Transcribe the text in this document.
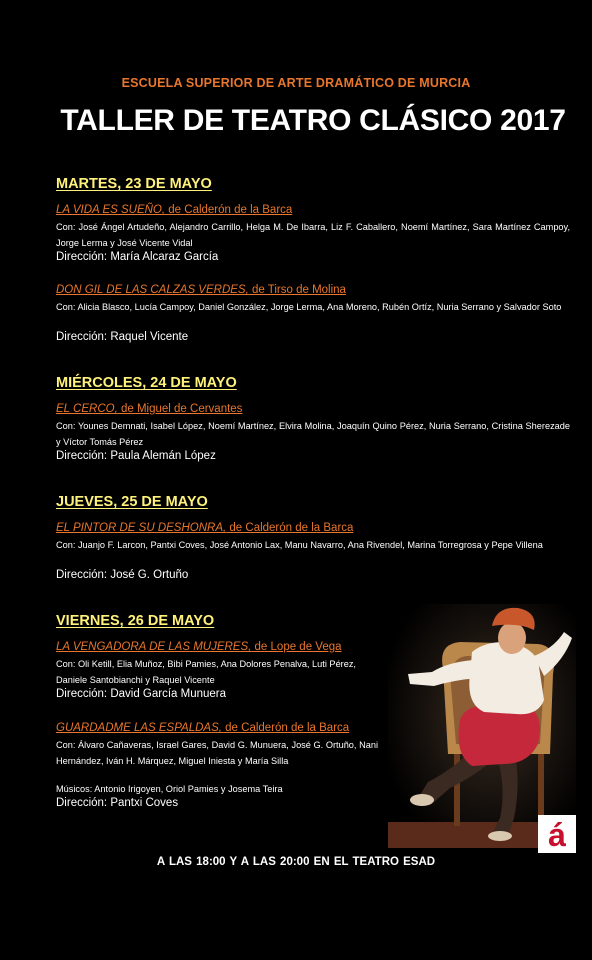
ESCUELA SUPERIOR DE ARTE DRAMÁTICO DE MURCIA
TALLER DE TEATRO CLÁSICO 2017
MARTES, 23 DE MAYO
LA VIDA ES SUEÑO, de Calderón de la Barca
Con: José Ángel Artudeño, Alejandro Carrillo, Helga M. De Ibarra, Liz F. Caballero, Noemí Martínez, Sara Martínez Campoy, Jorge Lerma y José Vicente Vidal
Dirección: María Alcaraz García
DON GIL DE LAS CALZAS VERDES, de Tirso de Molina
Con: Alicia Blasco, Lucía Campoy, Daniel González, Jorge Lerma, Ana Moreno, Rubén Ortíz, Nuria Serrano y Salvador Soto
Dirección: Raquel Vicente
MIÉRCOLES, 24 DE MAYO
EL CERCO, de Miguel de Cervantes
Con: Younes Demnati, Isabel López, Noemí Martínez, Elvira Molina, Joaquín Quino Pérez, Nuria Serrano, Cristina Sherezade y Víctor Tomás Pérez
Dirección: Paula Alemán López
JUEVES, 25 DE MAYO
EL PINTOR DE SU DESHONRA, de Calderón de la Barca
Con: Juanjo F. Larcon, Pantxi Coves, José Antonio Lax, Manu Navarro, Ana Rivendel, Marina Torregrosa y Pepe Villena
Dirección: José G. Ortuño
VIERNES, 26 DE MAYO
LA VENGADORA DE LAS MUJERES, de Lope de Vega
Con: Oli Ketill, Elia Muñoz, Bibi Pamies, Ana Dolores Penalva, Luti Pérez, Daniele Santobianchi y Raquel Vicente
Dirección: David García Munuera
GUARDADME LAS ESPALDAS, de Calderón de la Barca
Con: Álvaro Cañaveras, Israel Gares, David G. Munuera, José G. Ortuño, Nani Hernández, Iván H. Márquez, Miguel Iniesta y María Silla
Músicos: Antonio Irigoyen, Oriol Pamies y Josema Teira
Dirección: Pantxi Coves
á
A LAS 18:00 Y A LAS 20:00 EN EL TEATRO ESAD
